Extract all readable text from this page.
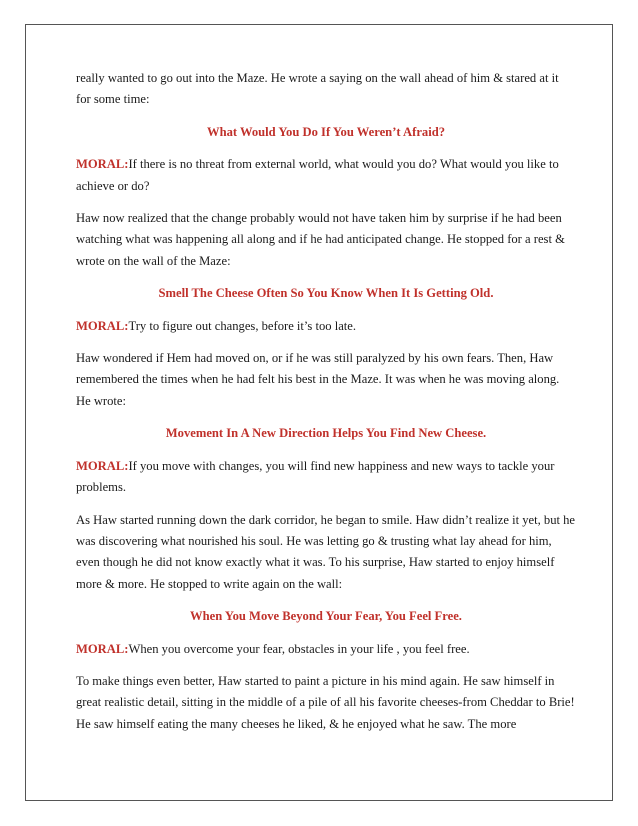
really wanted to go out into the Maze. He wrote a saying on the wall ahead of him & stared at it for some time:

What Would You Do If You Weren’t Afraid?

MORAL:If there is no threat from external world, what would you do? What would you like to achieve or do?

Haw now realized that the change probably would not have taken him by surprise if he had been watching what was happening all along and if he had anticipated change. He stopped for a rest & wrote on the wall of the Maze:

Smell The Cheese Often So You Know When It Is Getting Old.

MORAL:Try to figure out changes, before it’s too late.

Haw wondered if Hem had moved on, or if he was still paralyzed by his own fears. Then, Haw remembered the times when he had felt his best in the Maze. It was when he was moving along. He wrote:

Movement In A New Direction Helps You Find New Cheese.

MORAL:If you move with changes, you will find new happiness and new ways to tackle your problems.

As Haw started running down the dark corridor, he began to smile. Haw didn’t realize it yet, but he was discovering what nourished his soul. He was letting go & trusting what lay ahead for him, even though he did not know exactly what it was. To his surprise, Haw started to enjoy himself more & more. He stopped to write again on the wall:

When You Move Beyond Your Fear, You Feel Free.

MORAL:When you overcome your fear, obstacles in your life , you feel free.

To make things even better, Haw started to paint a picture in his mind again. He saw himself in great realistic detail, sitting in the middle of a pile of all his favorite cheeses-from Cheddar to Brie! He saw himself eating the many cheeses he liked, & he enjoyed what he saw. The more
